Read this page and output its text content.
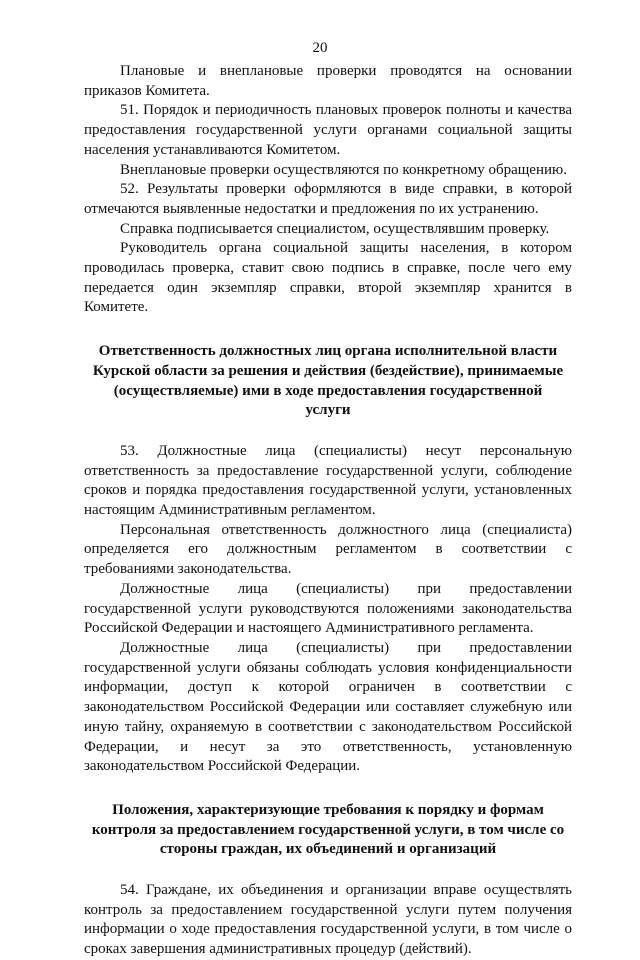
20

Плановые и внеплановые проверки проводятся на основании приказов Комитета.

51. Порядок и периодичность плановых проверок полноты и качества предоставления государственной услуги органами социальной защиты населения устанавливаются Комитетом.

Внеплановые проверки осуществляются по конкретному обращению.

52. Результаты проверки оформляются в виде справки, в которой отмечаются выявленные недостатки и предложения по их устранению.

Справка подписывается специалистом, осуществлявшим проверку.

Руководитель органа социальной защиты населения, в котором проводилась проверка, ставит свою подпись в справке, после чего ему передается один экземпляр справки, второй экземпляр хранится в Комитете.

Ответственность должностных лиц органа исполнительной власти Курской области за решения и действия (бездействие), принимаемые (осуществляемые) ими в ходе предоставления государственной услуги

53. Должностные лица (специалисты) несут персональную ответственность за предоставление государственной услуги, соблюдение сроков и порядка предоставления государственной услуги, установленных настоящим Административным регламентом.

Персональная ответственность должностного лица (специалиста) определяется его должностным регламентом в соответствии с требованиями законодательства.

Должностные лица (специалисты) при предоставлении государственной услуги руководствуются положениями законодательства Российской Федерации и настоящего Административного регламента.

Должностные лица (специалисты) при предоставлении государственной услуги обязаны соблюдать условия конфиденциальности информации, доступ к которой ограничен в соответствии с законодательством Российской Федерации или составляет служебную или иную тайну, охраняемую в соответствии с законодательством Российской Федерации, и несут за это ответственность, установленную законодательством Российской Федерации.

Положения, характеризующие требования к порядку и формам контроля за предоставлением государственной услуги, в том числе со стороны граждан, их объединений и организаций

54. Граждане, их объединения и организации вправе осуществлять контроль за предоставлением государственной услуги путем получения информации о ходе предоставления государственной услуги, в том числе о сроках завершения административных процедур (действий).
